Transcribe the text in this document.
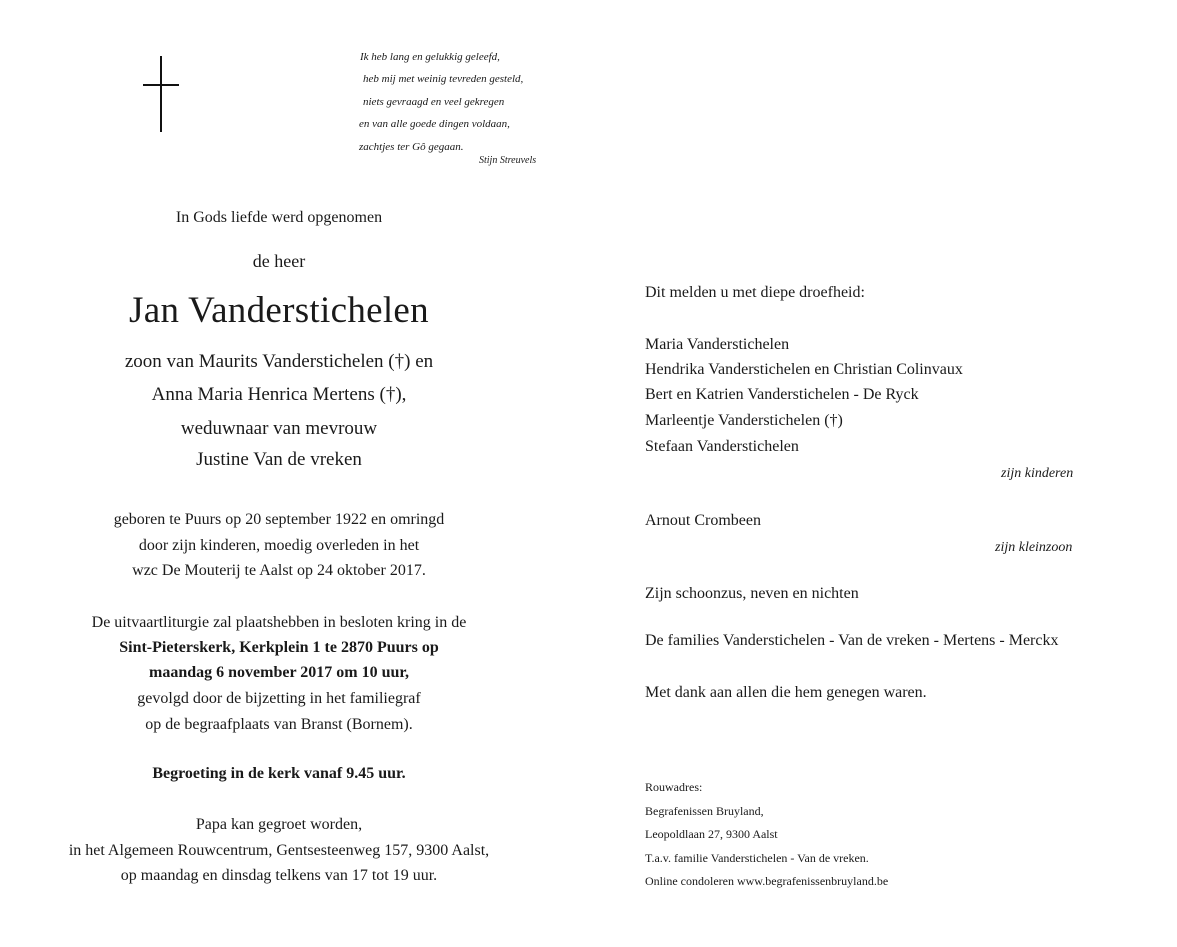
Ik heb lang en gelukkig geleefd,
heb mij met weinig tevreden gesteld,
niets gevraagd en veel gekregen
en van alle goede dingen voldaan,
zachtjes ter Gô gegaan.
Stijn Streuvels
In Gods liefde werd opgenomen
de heer
Jan Vanderstichelen
zoon van Maurits Vanderstichelen (†) en
Anna Maria Henrica Mertens (†),
weduwnaar van mevrouw
Justine Van de vreken
geboren te Puurs op 20 september 1922 en omringd
door zijn kinderen, moedig overleden in het
wzc De Mouterij te Aalst op 24 oktober 2017.
De uitvaartliturgie zal plaatshebben in besloten kring in de
Sint-Pieterskerk, Kerkplein 1 te 2870 Puurs op
maandag 6 november 2017 om 10 uur,
gevolgd door de bijzetting in het familiegraf
op de begraafplaats van Branst (Bornem).
Begroeting in de kerk vanaf 9.45 uur.
Papa kan gegroet worden,
in het Algemeen Rouwcentrum, Gentsesteenweg 157, 9300 Aalst,
op maandag en dinsdag telkens van 17 tot 19 uur.
Dit melden u met diepe droefheid:
Maria Vanderstichelen
Hendrika Vanderstichelen en Christian Colinvaux
Bert en Katrien Vanderstichelen - De Ryck
Marleentje Vanderstichelen (†)
Stefaan Vanderstichelen
zijn kinderen
Arnout Crombeen
zijn kleinzoon
Zijn schoonzus, neven en nichten
De families Vanderstichelen - Van de vreken - Mertens - Merckx
Met dank aan allen die hem genegen waren.
Rouwadres:
Begrafenissen Bruyland,
Leopoldlaan 27, 9300 Aalst
T.a.v. familie Vanderstichelen - Van de vreken.
Online condoleren www.begrafenissenbruyland.be
